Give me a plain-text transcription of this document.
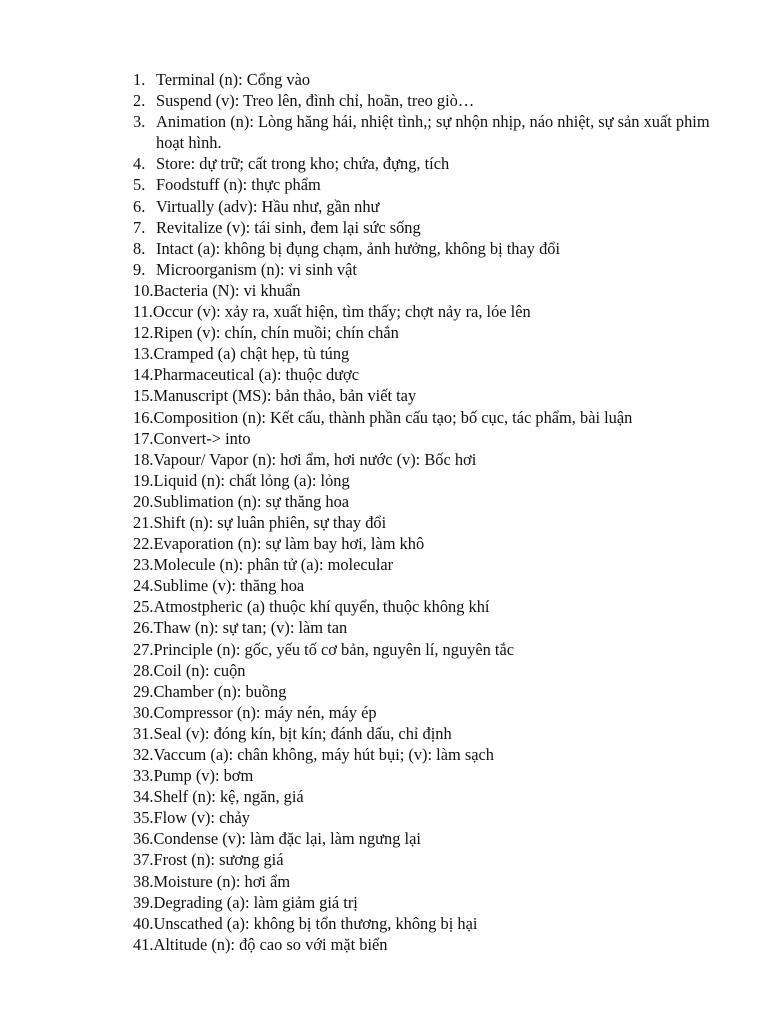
1. Terminal (n): Cổng vào
2. Suspend (v): Treo lên, đình chỉ, hoãn, treo giò…
3. Animation (n): Lòng hăng hái, nhiệt tình,; sự nhộn nhịp, náo nhiệt, sự sản xuất phim hoạt hình.
4. Store: dự trữ; cất trong kho; chứa, đựng, tích
5. Foodstuff (n): thực phẩm
6. Virtually (adv): Hầu như, gần như
7. Revitalize (v): tái sinh, đem lại sức sống
8. Intact (a): không bị đụng chạm, ảnh hưởng, không bị thay đổi
9. Microorganism (n): vi sinh vật
10. Bacteria (N): vi khuẩn
11. Occur (v): xảy ra, xuất hiện, tìm thấy; chợt nảy ra, lóe lên
12. Ripen (v): chín, chín muồi; chín chắn
13. Cramped (a) chật hẹp, tù túng
14. Pharmaceutical (a): thuộc dược
15. Manuscript (MS): bản thảo, bản viết tay
16. Composition (n): Kết cấu, thành phần cấu tạo; bố cục, tác phẩm, bài luận
17. Convert-> into
18. Vapour/ Vapor (n): hơi ẩm, hơi nước (v): Bốc hơi
19. Liquid (n): chất lỏng (a): lỏng
20. Sublimation (n): sự thăng hoa
21. Shift (n): sự luân phiên, sự thay đổi
22. Evaporation (n): sự làm bay hơi, làm khô
23. Molecule (n): phân tử (a): molecular
24. Sublime (v): thăng hoa
25. Atmostpheric (a) thuộc khí quyển, thuộc không khí
26. Thaw (n): sự tan; (v): làm tan
27. Principle (n): gốc, yếu tố cơ bản, nguyên lí, nguyên tắc
28. Coil (n): cuộn
29. Chamber (n): buồng
30. Compressor (n): máy nén, máy ép
31. Seal (v): đóng kín, bịt kín; đánh dấu, chỉ định
32. Vaccum (a): chân không, máy hút bụi; (v): làm sạch
33. Pump (v): bơm
34. Shelf (n): kệ, ngăn, giá
35. Flow (v): chảy
36. Condense (v): làm đặc lại, làm ngưng lại
37. Frost (n): sương giá
38. Moisture (n): hơi ẩm
39. Degrading (a): làm giảm giá trị
40. Unscathed (a): không bị tổn thương, không bị hại
41. Altitude (n): độ cao so với mặt biển
